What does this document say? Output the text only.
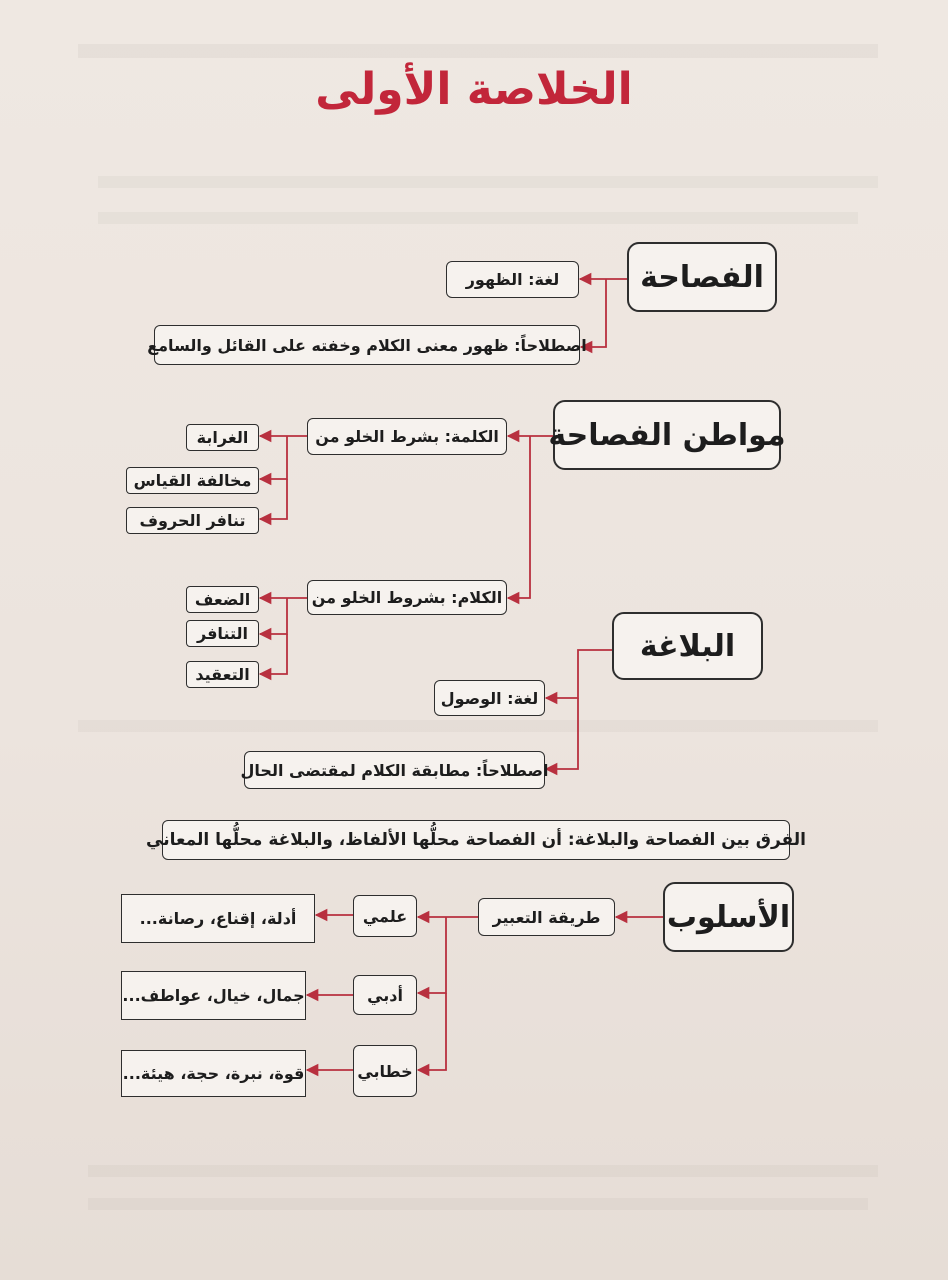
الخلاصة الأولى
الفصاحة
لغة: الظهور
اصطلاحاً: ظهور معنى الكلام وخفته على القائل والسامع
مواطن الفصاحة
الكلمة: بشرط الخلو من
الغرابة
مخالفة القياس
تنافر الحروف
الكلام: بشروط الخلو من
الضعف
التنافر
التعقيد
البلاغة
لغة: الوصول
اصطلاحاً: مطابقة الكلام لمقتضى الحال
الفرق بين الفصاحة والبلاغة: أن الفصاحة محلُّها الألفاظ، والبلاغة محلُّها المعاني
الأسلوب
طريقة التعبير
علمي
أدلة، إقناع، رصانة...
أدبي
جمال، خيال، عواطف...
خطابي
قوة، نبرة، حجة، هيئة...
